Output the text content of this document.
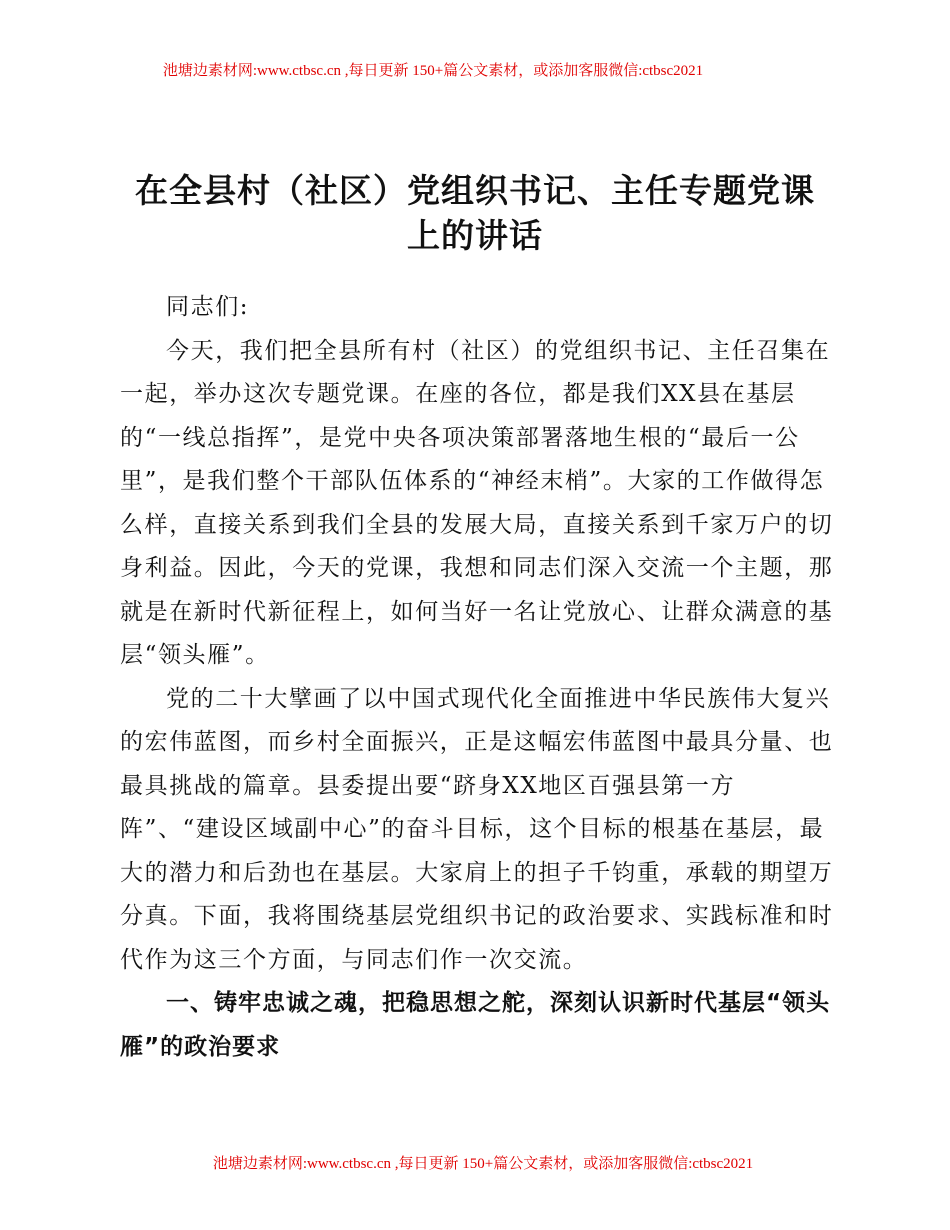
池塘边素材网:www.ctbsc.cn ,每日更新 150+篇公文素材，或添加客服微信:ctbsc2021
在全县村（社区）党组织书记、主任专题党课上的讲话

同志们:

今天，我们把全县所有村（社区）的党组织书记、主任召集在一起，举办这次专题党课。在座的各位，都是我们XX县在基层的“一线总指挥”，是党中央各项决策部署落地生根的“最后一公里”，是我们整个干部队伍体系的“神经末梢”。大家的工作做得怎么样，直接关系到我们全县的发展大局，直接关系到千家万户的切身利益。因此，今天的党课，我想和同志们深入交流一个主题，那就是在新时代新征程上，如何当好一名让党放心、让群众满意的基层“领头雁”。

党的二十大擘画了以中国式现代化全面推进中华民族伟大复兴的宏伟蓝图，而乡村全面振兴，正是这幅宏伟蓝图中最具分量、也最具挑战的篇章。县委提出要“跻身XX地区百强县第一方阵”、“建设区域副中心”的奋斗目标，这个目标的根基在基层，最大的潜力和后劲也在基层。大家肩上的担子千钧重，承载的期望万分真。下面，我将围绕基层党组织书记的政治要求、实践标准和时代作为这三个方面，与同志们作一次交流。

一、铸牢忠诚之魂，把稳思想之舵，深刻认识新时代基层“领头雁”的政治要求

池塘边素材网:www.ctbsc.cn ,每日更新 150+篇公文素材，或添加客服微信:ctbsc2021
